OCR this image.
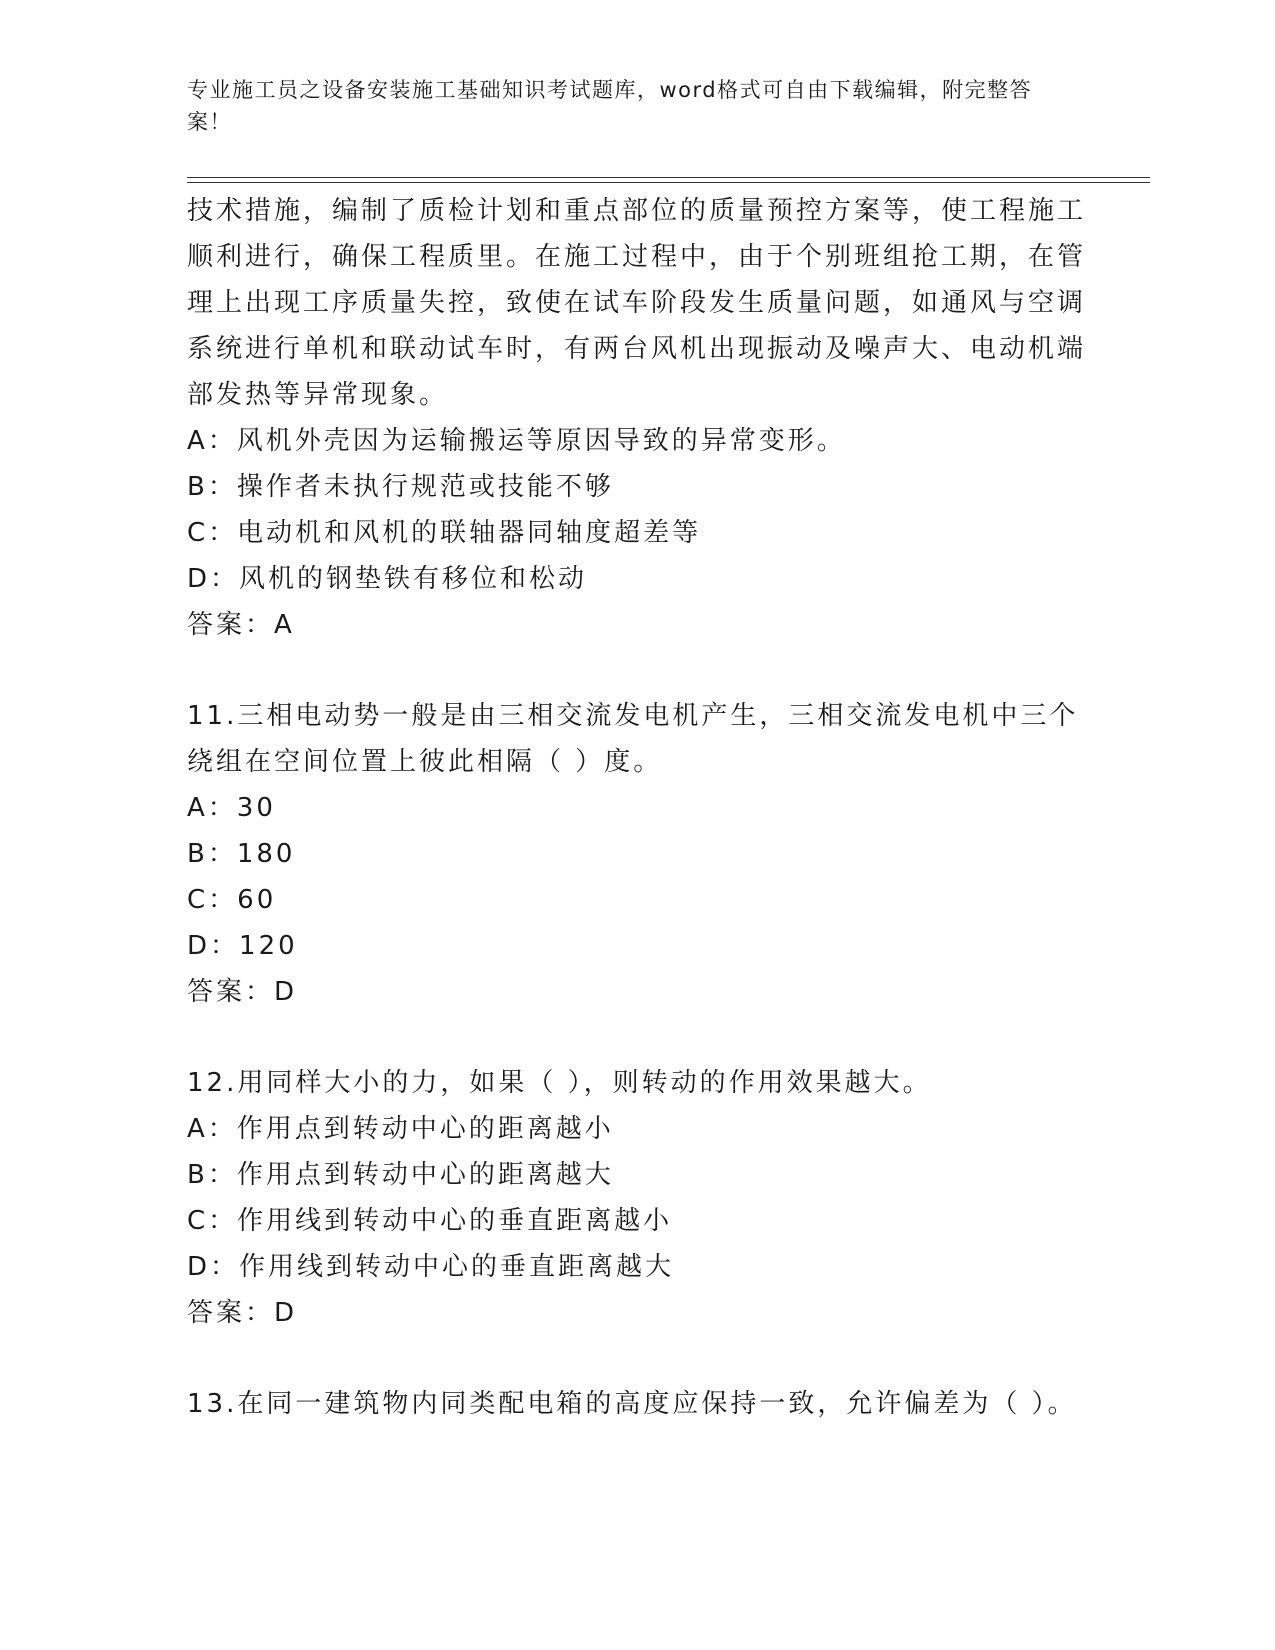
专业施工员之设备安装施工基础知识考试题库，word格式可自由下载编辑，附完整答案！
技术措施，编制了质检计划和重点部位的质量预控方案等，使工程施工顺利进行，确保工程质里。在施工过程中，由于个别班组抢工期，在管理上出现工序质量失控，致使在试车阶段发生质量问题，如通风与空调系统进行单机和联动试车时，有两台风机出现振动及噪声大、电动机端部发热等异常现象。
A：风机外壳因为运输搬运等原因导致的异常变形。
B：操作者未执行规范或技能不够
C：电动机和风机的联轴器同轴度超差等
D：风机的钢垫铁有移位和松动
答案：A
11.三相电动势一般是由三相交流发电机产生，三相交流发电机中三个绕组在空间位置上彼此相隔（ ）度。
A：30
B：180
C：60
D：120
答案：D
12.用同样大小的力，如果（ ），则转动的作用效果越大。
A：作用点到转动中心的距离越小
B：作用点到转动中心的距离越大
C：作用线到转动中心的垂直距离越小
D：作用线到转动中心的垂直距离越大
答案：D
13.在同一建筑物内同类配电箱的高度应保持一致，允许偏差为（ ）。
